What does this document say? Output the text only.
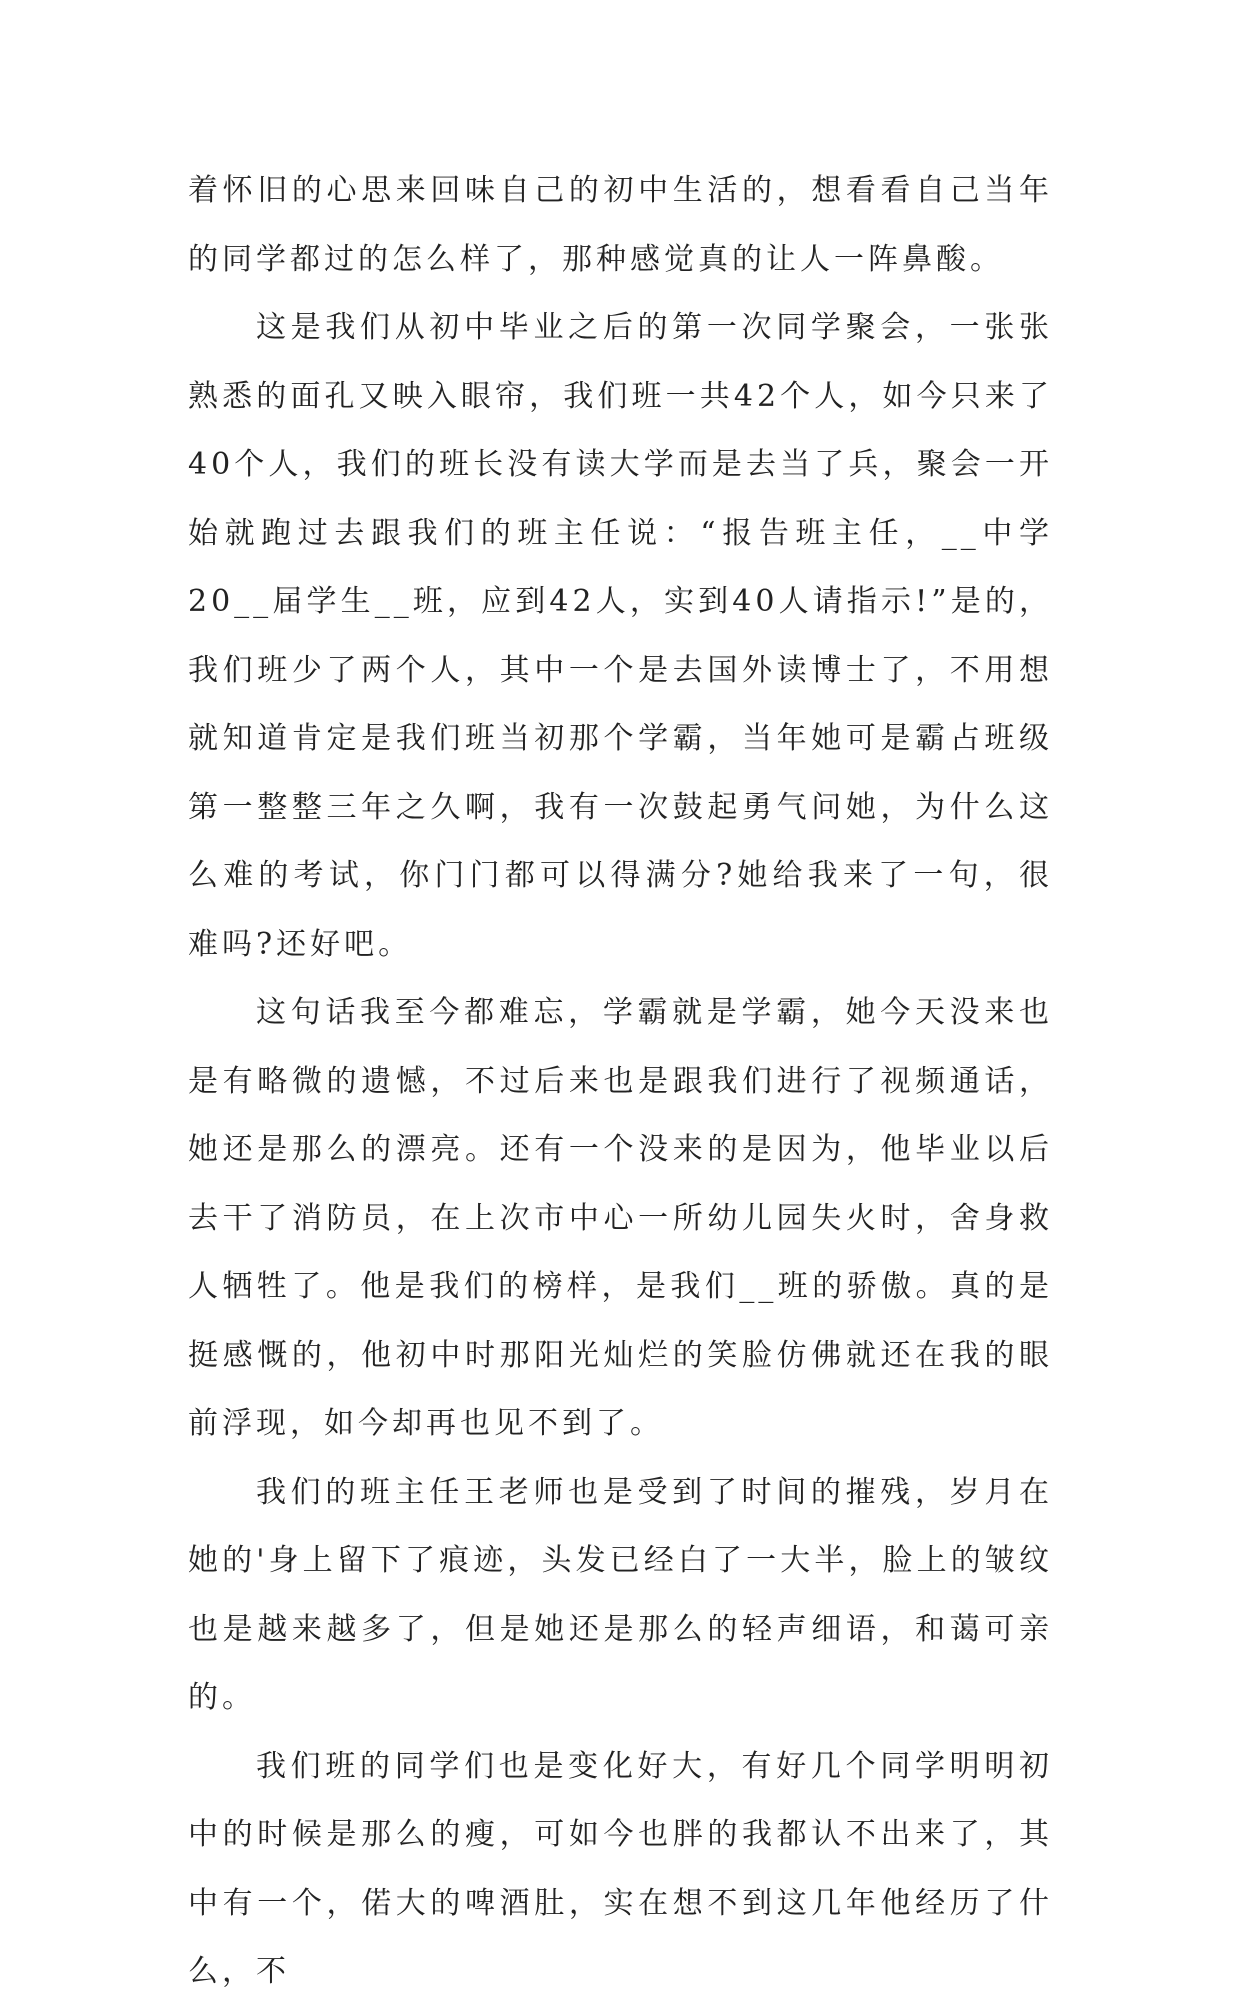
着怀旧的心思来回味自己的初中生活的，想看看自己当年的同学都过的怎么样了，那种感觉真的让人一阵鼻酸。

这是我们从初中毕业之后的第一次同学聚会，一张张熟悉的面孔又映入眼帘，我们班一共42个人，如今只来了40个人，我们的班长没有读大学而是去当了兵，聚会一开始就跑过去跟我们的班主任说：“报告班主任，__中学20__届学生__班，应到42人，实到40人请指示!”是的，我们班少了两个人，其中一个是去国外读博士了，不用想就知道肯定是我们班当初那个学霸，当年她可是霸占班级第一整整三年之久啊，我有一次鼓起勇气问她，为什么这么难的考试，你门门都可以得满分?她给我来了一句，很难吗?还好吧。

这句话我至今都难忘，学霸就是学霸，她今天没来也是有略微的遗憾，不过后来也是跟我们进行了视频通话，她还是那么的漂亮。还有一个没来的是因为，他毕业以后去干了消防员，在上次市中心一所幼儿园失火时，舍身救人牺牲了。他是我们的榜样，是我们__班的骄傲。真的是挺感慨的，他初中时那阳光灿烂的笑脸仿佛就还在我的眼前浮现，如今却再也见不到了。

我们的班主任王老师也是受到了时间的摧残，岁月在她的'身上留下了痕迹，头发已经白了一大半，脸上的皱纹也是越来越多了，但是她还是那么的轻声细语，和蔼可亲的。

我们班的同学们也是变化好大，有好几个同学明明初中的时候是那么的瘦，可如今也胖的我都认不出来了，其中有一个，偌大的啤酒肚，实在想不到这几年他经历了什么，不
